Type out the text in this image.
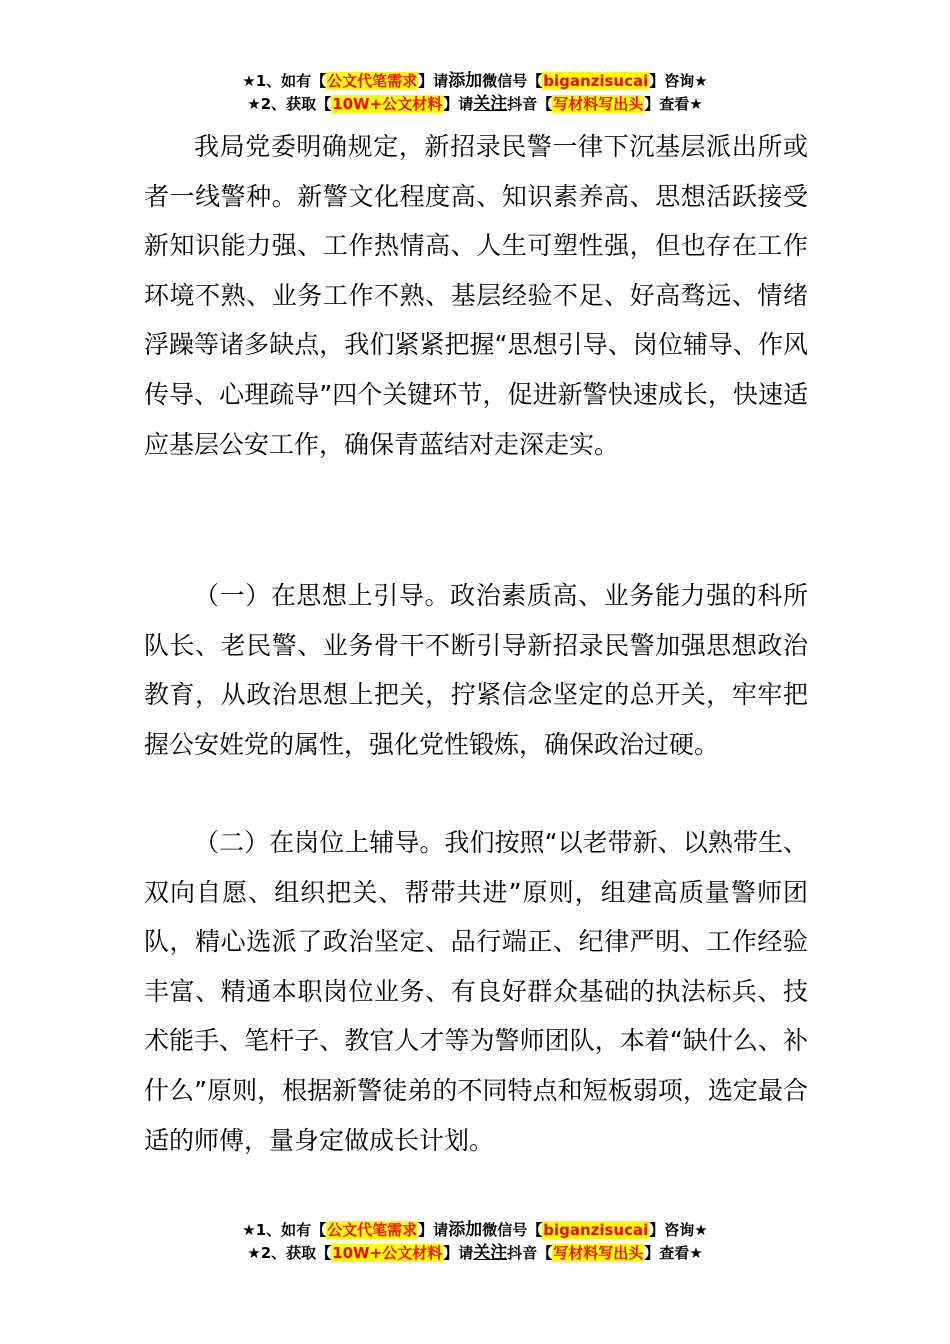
★1、如有【公文代笔需求】请添加微信号【biganzisucai】咨询★
★2、获取【10W+公文材料】请关注抖音【写材料写出头】查看★

我局党委明确规定，新招录民警一律下沉基层派出所或者一线警种。新警文化程度高、知识素养高、思想活跃接受新知识能力强、工作热情高、人生可塑性强，但也存在工作环境不熟、业务工作不熟、基层经验不足、好高骛远、情绪浮躁等诸多缺点，我们紧紧把握“思想引导、岗位辅导、作风传导、心理疏导”四个关键环节，促进新警快速成长，快速适应基层公安工作，确保青蓝结对走深走实。

（一）在思想上引导。政治素质高、业务能力强的科所队长、老民警、业务骨干不断引导新招录民警加强思想政治教育，从政治思想上把关，拧紧信念坚定的总开关，牢牢把握公安姓党的属性，强化党性锻炼，确保政治过硬。

（二）在岗位上辅导。我们按照“以老带新、以熟带生、双向自愿、组织把关、帮带共进”原则，组建高质量警师团队，精心选派了政治坚定、品行端正、纪律严明、工作经验丰富、精通本职岗位业务、有良好群众基础的执法标兵、技术能手、笔杆子、教官人才等为警师团队，本着“缺什么、补什么”原则，根据新警徒弟的不同特点和短板弱项，选定最合适的师傅，量身定做成长计划。

★1、如有【公文代笔需求】请添加微信号【biganzisucai】咨询★
★2、获取【10W+公文材料】请关注抖音【写材料写出头】查看★
